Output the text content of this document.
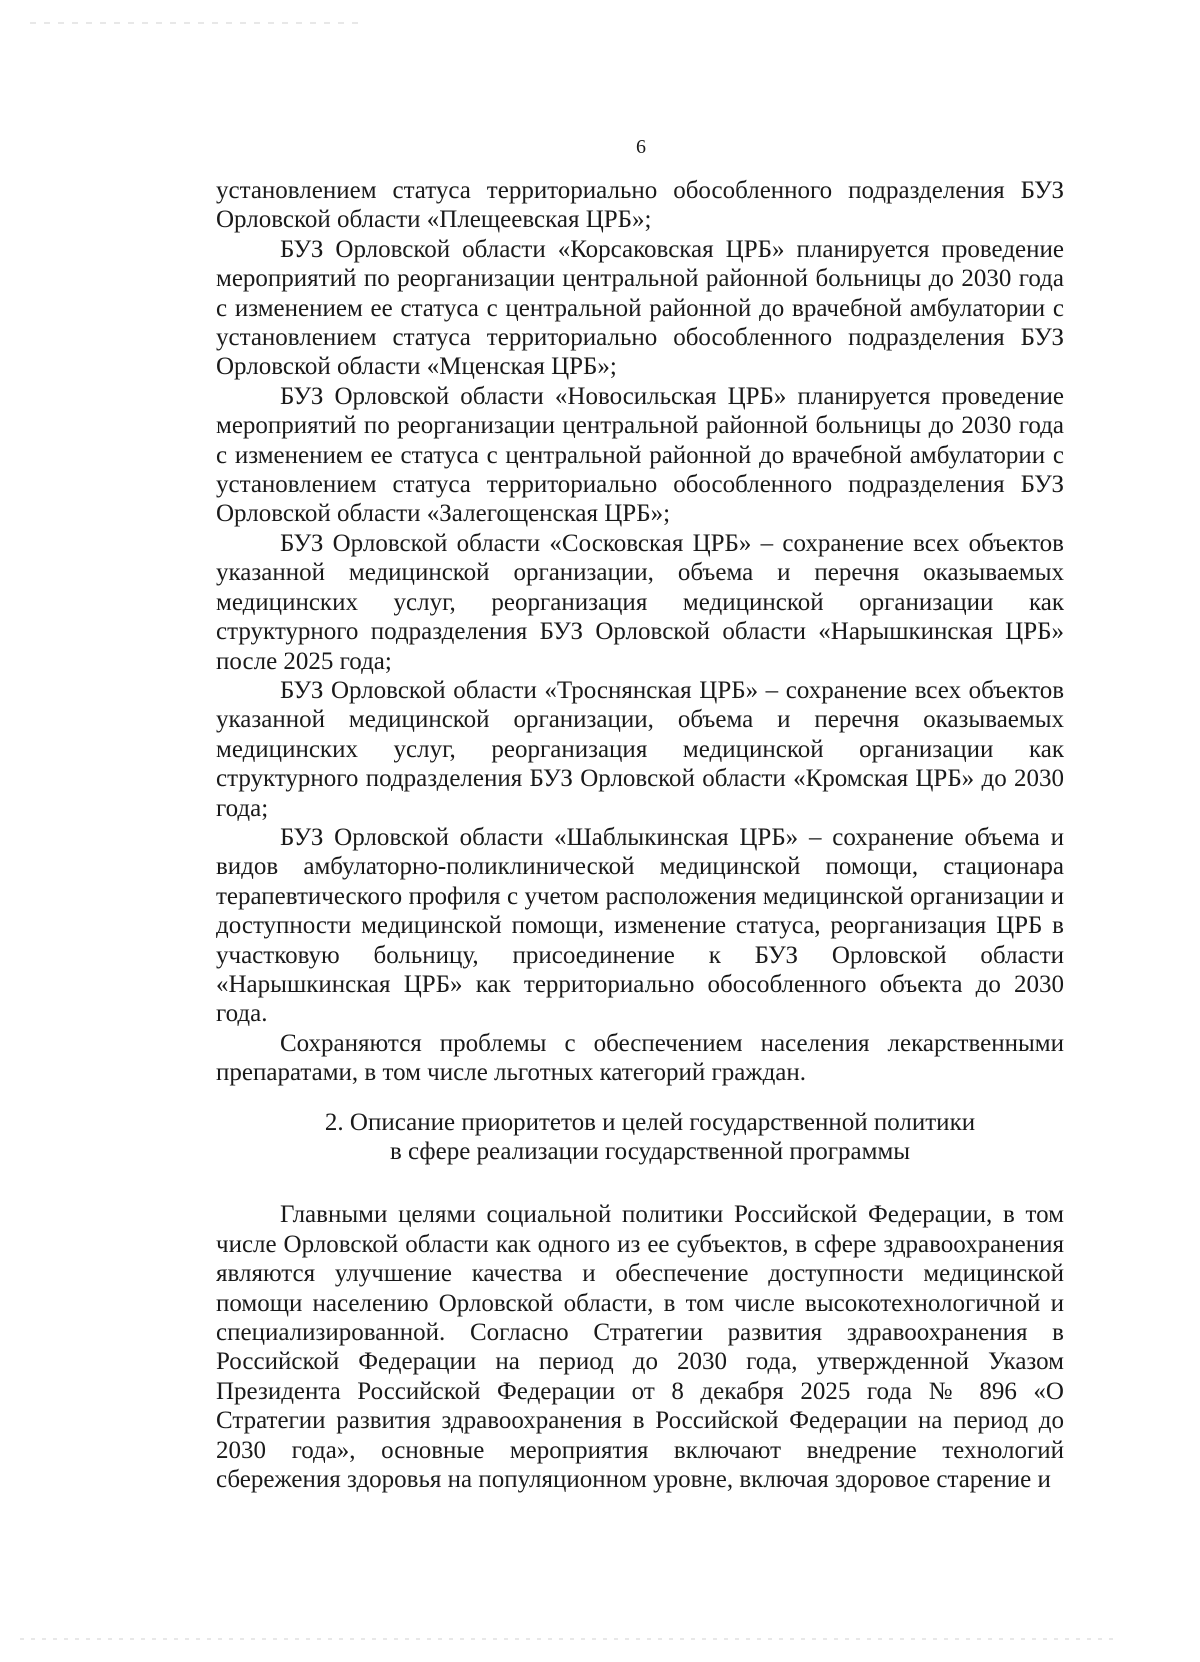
6

установлением статуса территориально обособленного подразделения БУЗ Орловской области «Плещеевская ЦРБ»;

БУЗ Орловской области «Корсаковская ЦРБ» планируется проведение мероприятий по реорганизации центральной районной больницы до 2030 года с изменением ее статуса с центральной районной до врачебной амбулатории с установлением статуса территориально обособленного подразделения БУЗ Орловской области «Мценская ЦРБ»;

БУЗ Орловской области «Новосильская ЦРБ» планируется проведение мероприятий по реорганизации центральной районной больницы до 2030 года с изменением ее статуса с центральной районной до врачебной амбулатории с установлением статуса территориально обособленного подразделения БУЗ Орловской области «Залегощенская ЦРБ»;

БУЗ Орловской области «Сосковская ЦРБ» – сохранение всех объектов указанной медицинской организации, объема и перечня оказываемых медицинских услуг, реорганизация медицинской организации как структурного подразделения БУЗ Орловской области «Нарышкинская ЦРБ» после 2025 года;

БУЗ Орловской области «Троснянская ЦРБ» – сохранение всех объектов указанной медицинской организации, объема и перечня оказываемых медицинских услуг, реорганизация медицинской организации как структурного подразделения БУЗ Орловской области «Кромская ЦРБ» до 2030 года;

БУЗ Орловской области «Шаблыкинская ЦРБ» – сохранение объема и видов амбулаторно-поликлинической медицинской помощи, стационара терапевтического профиля с учетом расположения медицинской организации и доступности медицинской помощи, изменение статуса, реорганизация ЦРБ в участковую больницу, присоединение к БУЗ Орловской области «Нарышкинская ЦРБ» как территориально обособленного объекта до 2030 года.

Сохраняются проблемы с обеспечением населения лекарственными препаратами, в том числе льготных категорий граждан.

2. Описание приоритетов и целей государственной политики
в сфере реализации государственной программы

Главными целями социальной политики Российской Федерации, в том числе Орловской области как одного из ее субъектов, в сфере здравоохранения являются улучшение качества и обеспечение доступности медицинской помощи населению Орловской области, в том числе высокотехнологичной и специализированной. Согласно Стратегии развития здравоохранения в Российской Федерации на период до 2030 года, утвержденной Указом Президента Российской Федерации от 8 декабря 2025 года № 896 «О Стратегии развития здравоохранения в Российской Федерации на период до 2030 года», основные мероприятия включают внедрение технологий сбережения здоровья на популяционном уровне, включая здоровое старение и
